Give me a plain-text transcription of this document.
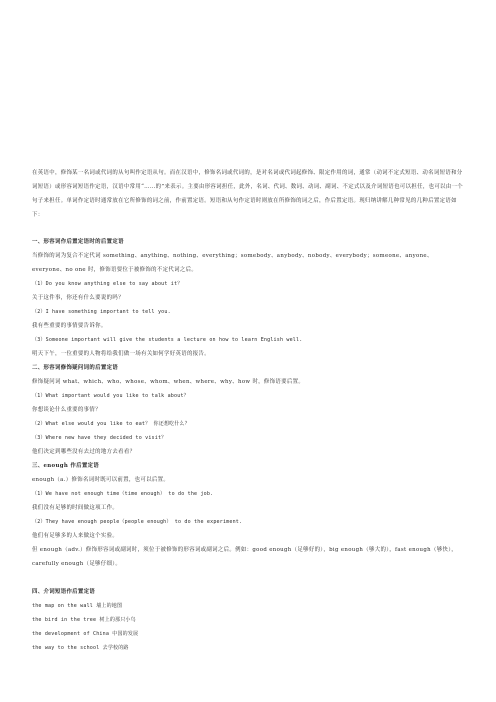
在英语中，修饰某一名词或代词的从句叫作定语从句。而在汉语中，修饰名词或代词的，是对名词或代词起修饰、限定作用的词，通常（动词不定式短语、动名词短语和分词短语）或形容词短语作定语，汉语中常用“……的”来表示。主要由形容词担任，此外，名词、代词、数词、动词、副词、不定式以及介词短语也可以担任，也可以由一个句子来担任。单词作定语时通常放在它所修饰的词之前，作前置定语。短语和从句作定语时则放在所修饰的词之后，作后置定语。现归纳讲解几种常见的几种后置定语如下：

一、形容词作后置定语时的后置定语

当修饰的词为复合不定代词 something、anything、nothing、everything；somebody、anybody、nobody、everybody；someone、anyone、everyone、no one 时，修饰语要位于被修饰的不定代词之后。

（1）Do you know anything else to say about it？

关于这件事，你还有什么要说的吗？

（2）I have something important to tell you.

我有些重要的事情要告诉你。

（3）Someone important will give the students a lecture on how to learn English well.

明天下午，一位重要的人物将给我们做一场有关如何学好英语的报告。

二、形容词修饰疑问词的后置定语

修饰疑问词 what、which、who、whose、whom、when、where、why、how 时，修饰语要后置。

（1）What important would you like to talk about？

你想谈论什么重要的事情？

（2）What else would you like to eat？ 你还想吃什么？

（3）Where new have they decided to visit？

他们决定到哪些没有去过的地方去看看？

三、enough 作后置定语

enough（a.）修饰名词时既可以前置，也可以后置。

（1）We have not enough time（time enough） to do the job.

我们没有足够的时间做这项工作。

（2）They have enough people（people enough） to do the experiment.

他们有足够多的人来做这个实验。

但 enough（adv.）修饰形容词或副词时，须位于被修饰的形容词或副词之后。例如：good enough（足够好的），big enough（够大的），fast enough（够快），carefully enough（足够仔细）。

四、介词短语作后置定语

the map on the wall 墙上的地图

the bird in the tree 树上的那只小鸟

the development of China 中国的发展

the way to the school 去学校的路
